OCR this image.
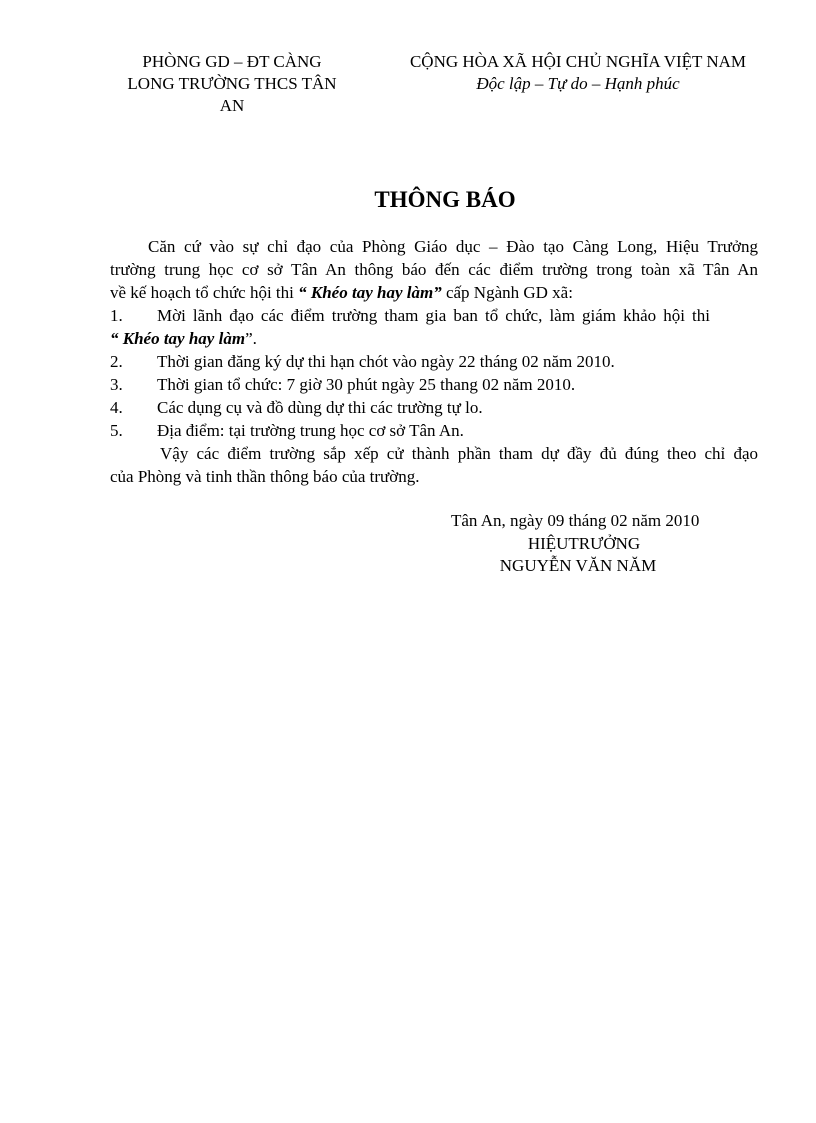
PHÒNG GD – ĐT CÀNG
LONG TRƯỜNG THCS TÂN
AN
CỘNG HÒA XÃ HỘI CHỦ NGHĨA VIỆT NAM
Độc lập – Tự do – Hạnh phúc
THÔNG BÁO
Căn cứ vào sự chỉ đạo của Phòng Giáo dục – Đào tạo Càng Long, Hiệu Trưởng
trường trung học cơ sở Tân An thông báo đến các điểm trường trong toàn xã Tân An
về kế hoạch tổ chức hội thi “ Khéo tay hay làm” cấp Ngành GD xã:
1. Mời lãnh đạo các điểm trường tham gia ban tổ chức, làm giám khảo hội thi
“ Khéo tay hay làm”.
2. Thời gian đăng ký dự thi hạn chót vào ngày 22 tháng 02 năm 2010.
3. Thời gian tổ chức: 7 giờ 30 phút ngày 25 thang 02 năm 2010.
4. Các dụng cụ và đồ dùng dự thi các trường tự lo.
5. Địa điểm: tại trường trung học cơ sở Tân An.
Vậy các điểm trường sắp xếp cử thành phần tham dự đầy đủ đúng theo chỉ đạo
của Phòng và tinh thần thông báo của trường.
Tân An, ngày 09 tháng 02 năm 2010
HIỆUTRƯỞNG
NGUYỄN VĂN NĂM
